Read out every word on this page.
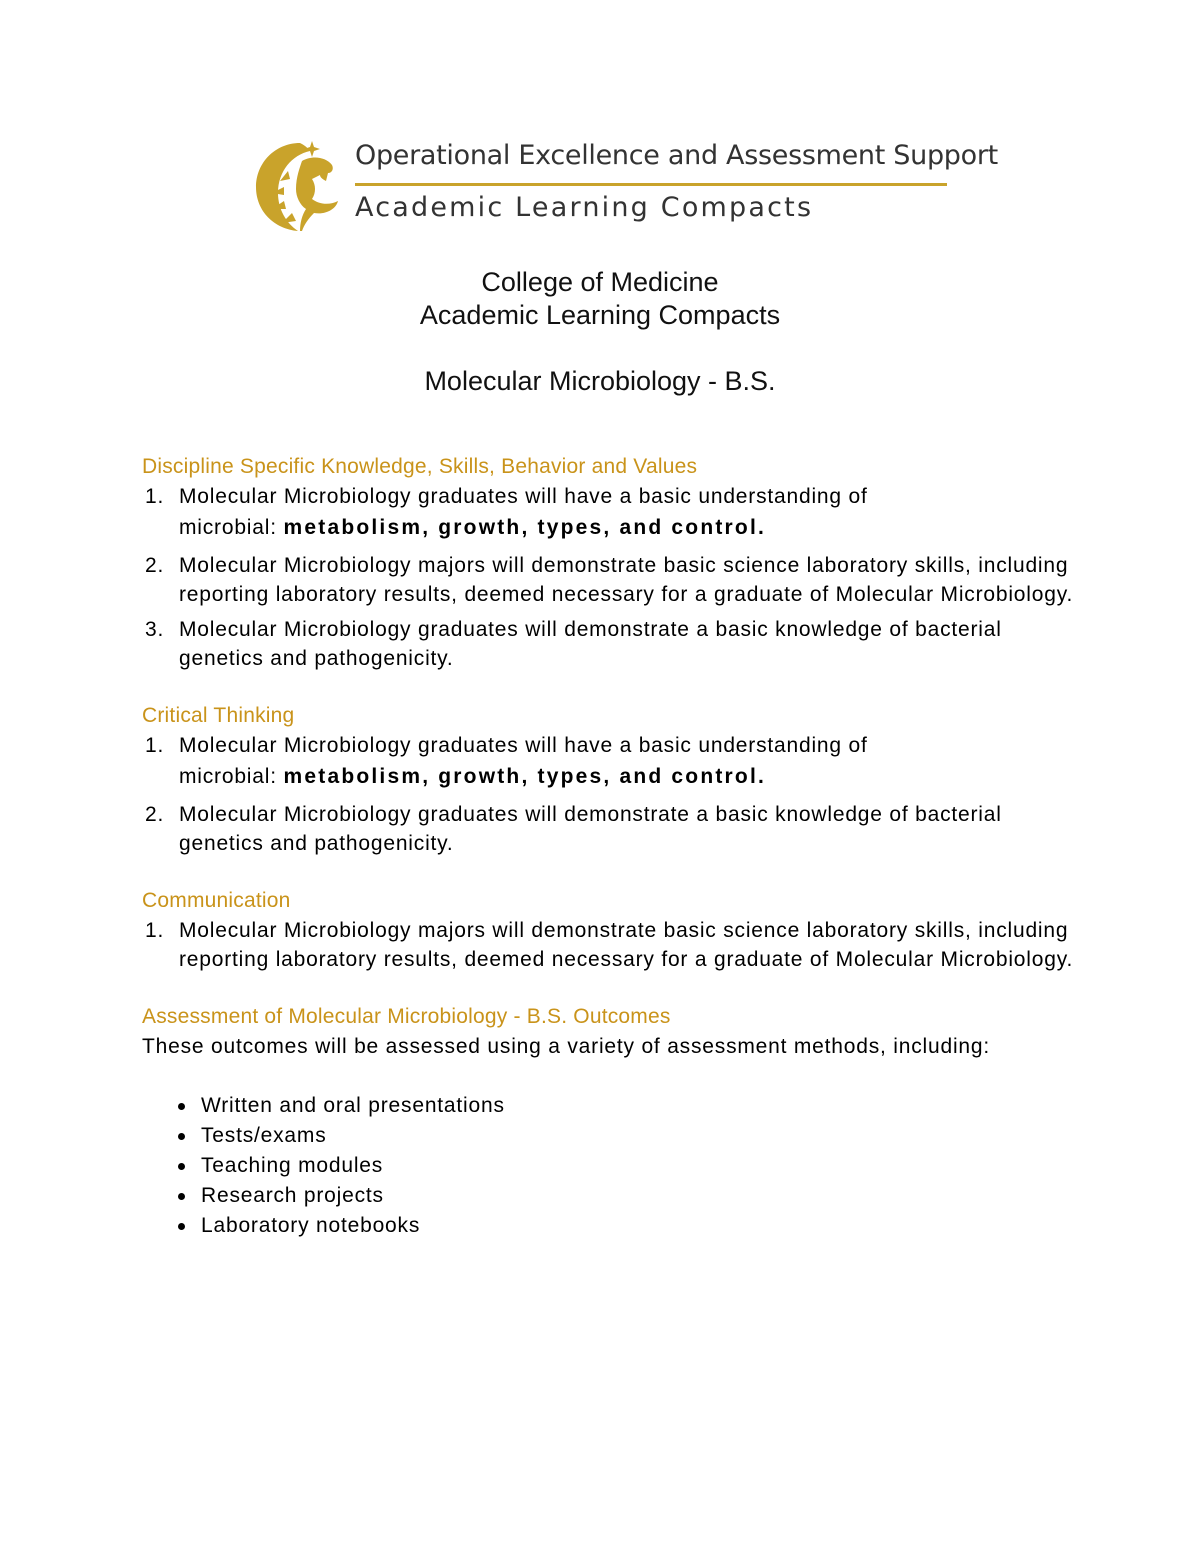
Operational Excellence and Assessment Support
Academic Learning Compacts
College of Medicine
Academic Learning Compacts
Molecular Microbiology - B.S.
Discipline Specific Knowledge, Skills, Behavior and Values
1. Molecular Microbiology graduates will have a basic understanding of
microbial: metabolism, growth, types, and control.
2. Molecular Microbiology majors will demonstrate basic science laboratory skills, including reporting laboratory results, deemed necessary for a graduate of Molecular Microbiology.
3. Molecular Microbiology graduates will demonstrate a basic knowledge of bacterial genetics and pathogenicity.
Critical Thinking
1. Molecular Microbiology graduates will have a basic understanding of
microbial: metabolism, growth, types, and control.
2. Molecular Microbiology graduates will demonstrate a basic knowledge of bacterial genetics and pathogenicity.
Communication
1. Molecular Microbiology majors will demonstrate basic science laboratory skills, including reporting laboratory results, deemed necessary for a graduate of Molecular Microbiology.
Assessment of Molecular Microbiology - B.S. Outcomes
These outcomes will be assessed using a variety of assessment methods, including:
Written and oral presentations
Tests/exams
Teaching modules
Research projects
Laboratory notebooks
